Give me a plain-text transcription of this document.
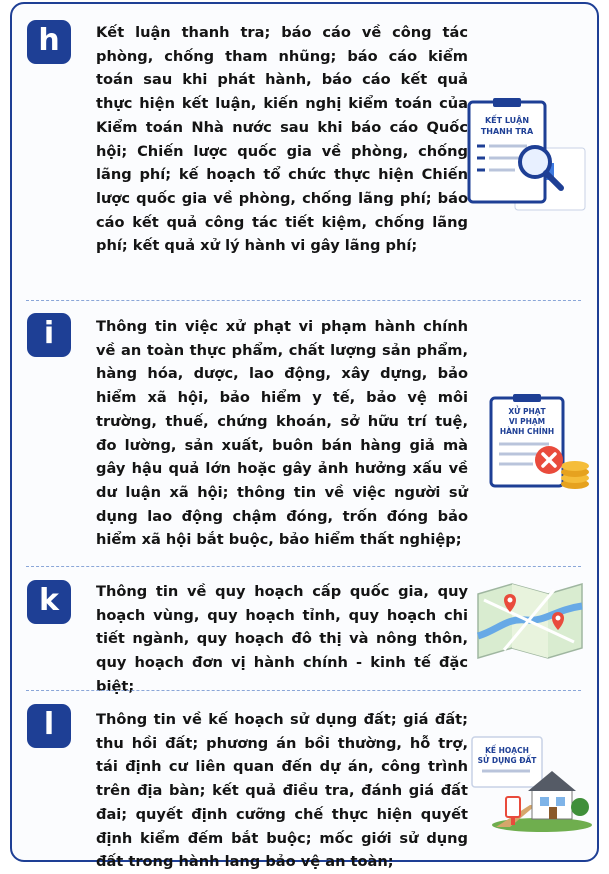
h	Kết luận thanh tra; báo cáo về công tác phòng, chống tham nhũng; báo cáo kiểm toán sau khi phát hành, báo cáo kết quả thực hiện kết luận, kiến nghị kiểm toán của Kiểm toán Nhà nước sau khi báo cáo Quốc hội; Chiến lược quốc gia về phòng, chống lãng phí; kế hoạch tổ chức thực hiện Chiến lược quốc gia về phòng, chống lãng phí; báo cáo kết quả công tác tiết kiệm, chống lãng phí; kết quả xử lý hành vi gây lãng phí;
KẾT LUẬN
THANH TRA
i	Thông tin việc xử phạt vi phạm hành chính về an toàn thực phẩm, chất lượng sản phẩm, hàng hóa, dược, lao động, xây dựng, bảo hiểm xã hội, bảo hiểm y tế, bảo vệ môi trường, thuế, chứng khoán, sở hữu trí tuệ, đo lường, sản xuất, buôn bán hàng giả mà gây hậu quả lớn hoặc gây ảnh hưởng xấu về dư luận xã hội; thông tin về việc người sử dụng lao động chậm đóng, trốn đóng bảo hiểm xã hội bắt buộc, bảo hiểm thất nghiệp;
XỬ PHẠT
VI PHẠM
HÀNH CHÍNH
k	Thông tin về quy hoạch cấp quốc gia, quy hoạch vùng, quy hoạch tỉnh, quy hoạch chi tiết ngành, quy hoạch đô thị và nông thôn, quy hoạch đơn vị hành chính - kinh tế đặc biệt;
l	Thông tin về kế hoạch sử dụng đất; giá đất; thu hồi đất; phương án bồi thường, hỗ trợ, tái định cư liên quan đến dự án, công trình trên địa bàn; kết quả điều tra, đánh giá đất đai; quyết định cưỡng chế thực hiện quyết định kiểm đếm bắt buộc; mốc giới sử dụng đất trong hành lang bảo vệ an toàn;
KẾ HOẠCH
SỬ DỤNG ĐẤT
